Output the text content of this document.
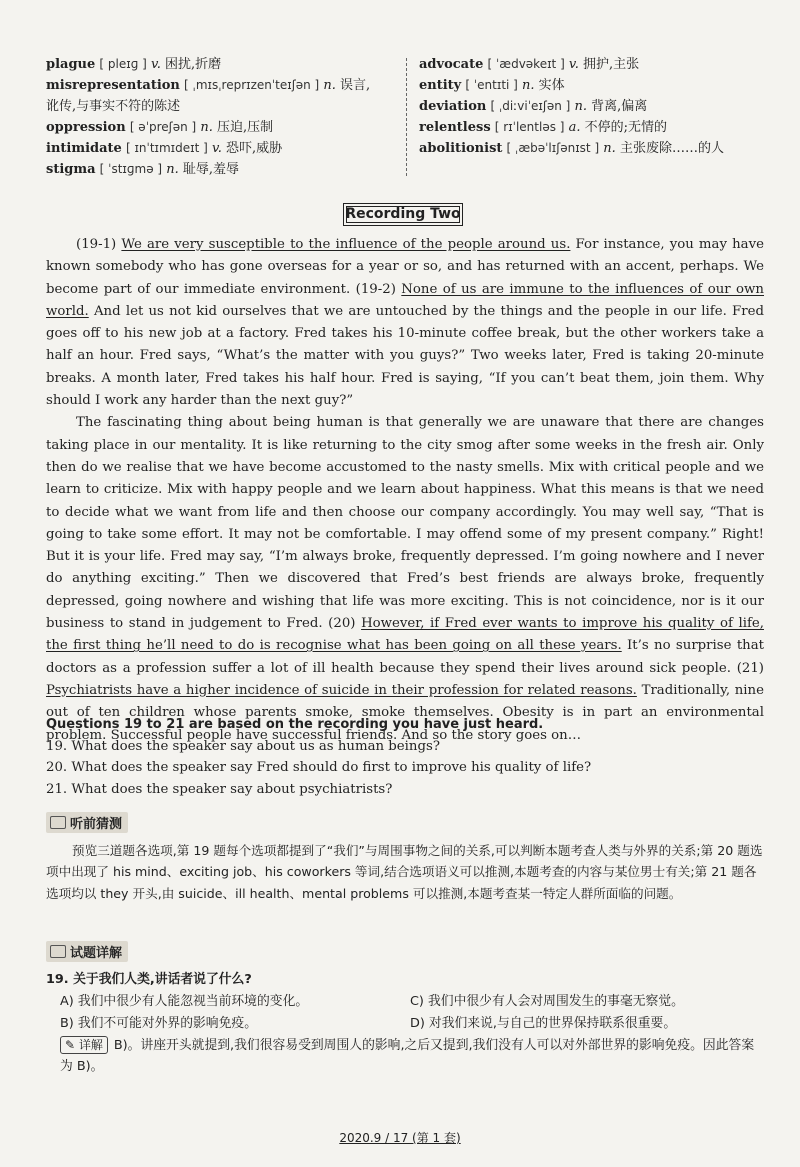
plague [ pleɪɡ ] v. 困扰,折磨
misrepresentation [ ˌmɪsˌreprɪzenˈteɪʃən ] n. 误言,
讹传,与事实不符的陈述
oppression [ əˈpreʃən ] n. 压迫,压制
intimidate [ ɪnˈtɪmɪdeɪt ] v. 恐吓,威胁
stigma [ ˈstɪɡmə ] n. 耻辱,羞辱
advocate [ ˈædvəkeɪt ] v. 拥护,主张
entity [ ˈentɪti ] n. 实体
deviation [ ˌdiːviˈeɪʃən ] n. 背离,偏离
relentless [ rɪˈlentləs ] a. 不停的;无情的
abolitionist [ ˌæbəˈlɪʃənɪst ] n. 主张废除……的人
Recording Two

(19-1) We are very susceptible to the influence of the people around us. For instance, you may have known somebody who has gone overseas for a year or so, and has returned with an accent, perhaps. We become part of our immediate environment. (19-2) None of us are immune to the influences of our own world. And let us not kid ourselves that we are untouched by the things and the people in our life. Fred goes off to his new job at a factory. Fred takes his 10-minute coffee break, but the other workers take a half an hour. Fred says, “What’s the matter with you guys?” Two weeks later, Fred is taking 20-minute breaks. A month later, Fred takes his half hour. Fred is saying, “If you can’t beat them, join them. Why should I work any harder than the next guy?”

The fascinating thing about being human is that generally we are unaware that there are changes taking place in our mentality. It is like returning to the city smog after some weeks in the fresh air. Only then do we realise that we have become accustomed to the nasty smells. Mix with critical people and we learn to criticize. Mix with happy people and we learn about happiness. What this means is that we need to decide what we want from life and then choose our company accordingly. You may well say, “That is going to take some effort. It may not be comfortable. I may offend some of my present company.” Right! But it is your life. Fred may say, “I’m always broke, frequently depressed. I’m going nowhere and I never do anything exciting.” Then we discovered that Fred’s best friends are always broke, frequently depressed, going nowhere and wishing that life was more exciting. This is not coincidence, nor is it our business to stand in judgement to Fred. (20) However, if Fred ever wants to improve his quality of life, the first thing he’ll need to do is recognise what has been going on all these years. It’s no surprise that doctors as a profession suffer a lot of ill health because they spend their lives around sick people. (21) Psychiatrists have a higher incidence of suicide in their profession for related reasons. Traditionally, nine out of ten children whose parents smoke, smoke themselves. Obesity is in part an environmental problem. Successful people have successful friends. And so the story goes on…

Questions 19 to 21 are based on the recording you have just heard.
19. What does the speaker say about us as human beings?
20. What does the speaker say Fred should do first to improve his quality of life?
21. What does the speaker say about psychiatrists?
听前猜测

预览三道题各选项,第 19 题每个选项都提到了“我们”与周围事物之间的关系,可以判断本题考查人类与外界的关系;第 20 题选项中出现了 his mind、exciting job、his coworkers 等词,结合选项语义可以推测,本题考查的内容与某位男士有关;第 21 题各选项均以 they 开头,由 suicide、ill health、mental problems 可以推测,本题考查某一特定人群所面临的问题。

试题详解
19. 关于我们人类,讲话者说了什么?
A) 我们中很少有人能忽视当前环境的变化。	C) 我们中很少有人会对周围发生的事毫无察觉。
B) 我们不可能对外界的影响免疫。	D) 对我们来说,与自己的世界保持联系很重要。
✎ 详解 B)。讲座开头就提到,我们很容易受到周围人的影响,之后又提到,我们没有人可以对外部世界的影响免疫。因此答案为 B)。
2020.9 / 17 (第 1 套)
